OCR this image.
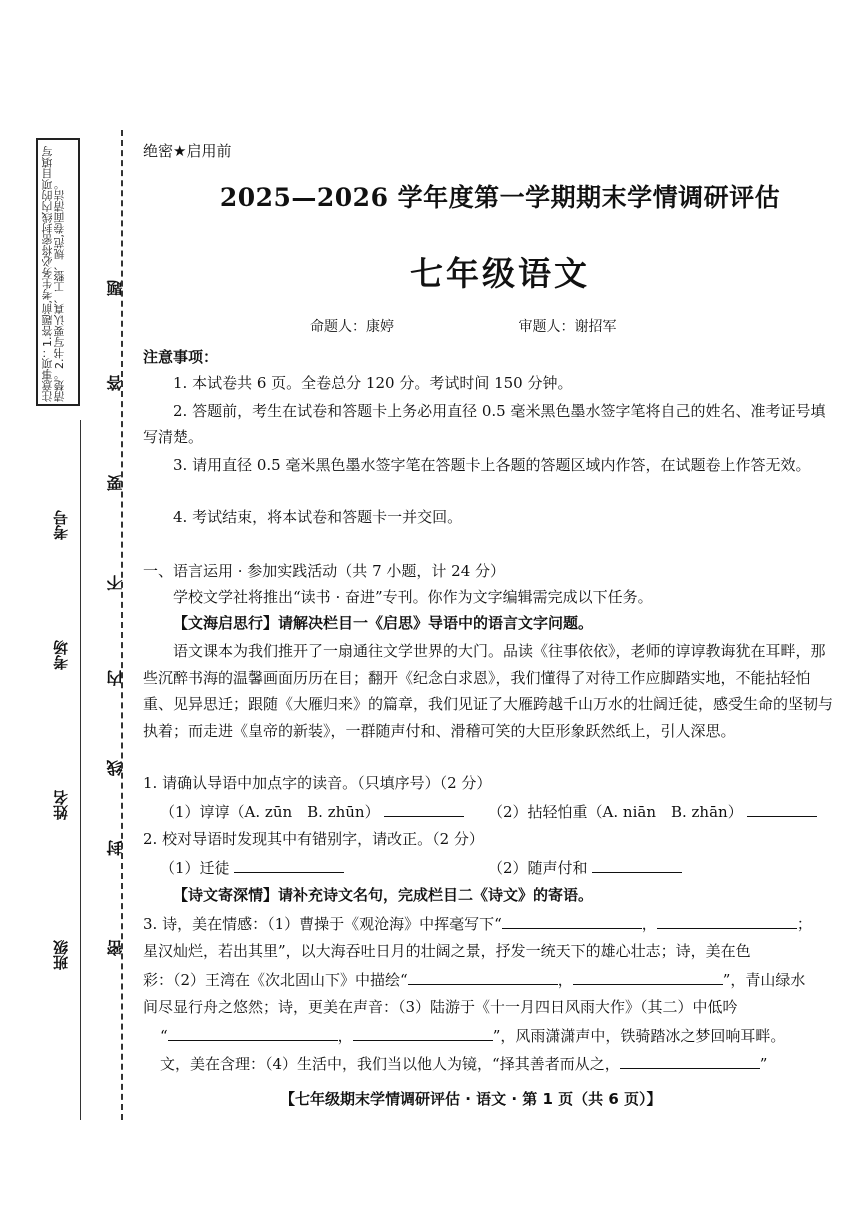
注意事项：1.答题前,考生务必将密封线内的项目填写清楚。2.书写要认真、工整、规范,卷面清洁。
考号
考场
姓名
班级
题
答
要
不
内
线
封
密
绝密★启用前
2025—2026 学年度第一学期期末学情调研评估
七年级语文
命题人：康婷	审题人：谢招军
注意事项：
1. 本试卷共 6 页。全卷总分 120 分。考试时间 150 分钟。
2. 答题前，考生在试卷和答题卡上务必用直径 0.5 毫米黑色墨水签字笔将自己的姓名、准考证号填写清楚。
3. 请用直径 0.5 毫米黑色墨水签字笔在答题卡上各题的答题区域内作答，在试题卷上作答无效。
4. 考试结束，将本试卷和答题卡一并交回。
一、语言运用 · 参加实践活动（共 7 小题，计 24 分）
学校文学社将推出“读书 · 奋进”专刊。你作为文字编辑需完成以下任务。
【文海启思行】请解决栏目一《启思》导语中的语言文字问题。
语文课本为我们推开了一扇通往文学世界的大门。品读《往事依依》，老师的谆谆教诲犹在耳畔，那些沉醉书海的温馨画面历历在目；翻开《纪念白求恩》，我们懂得了对待工作应脚踏实地，不能拈轻怕重、见异思迁；跟随《大雁归来》的篇章，我们见证了大雁跨越千山万水的壮阔迁徒，感受生命的坚韧与执着；而走进《皇帝的新装》，一群随声付和、滑稽可笑的大臣形象跃然纸上，引人深思。
1. 请确认导语中加点字的读音。（只填序号）（2 分）
（1）谆谆（A. zūn　B. zhūn）	（2）拈轻怕重（A. niān　B. zhān）
2. 校对导语时发现其中有错别字，请改正。（2 分）
（1）迁徒	（2）随声付和
【诗文寄深情】请补充诗文名句，完成栏目二《诗文》的寄语。
3. 诗，美在情感：（1）曹操于《观沧海》中挥毫写下“	，	；
星汉灿烂，若出其里”，以大海吞吐日月的壮阔之景，抒发一统天下的雄心壮志；诗，美在色
彩：（2）王湾在《次北固山下》中描绘“	，	”，青山绿水
间尽显行舟之悠然；诗，更美在声音：（3）陆游于《十一月四日风雨大作》（其二）中低吟
“	，	”，风雨潇潇声中，铁骑踏冰之梦回响耳畔。
文，美在含理：（4）生活中，我们当以他人为镜，“择其善者而从之，	”
【七年级期末学情调研评估 · 语文 · 第 1 页（共 6 页）】
